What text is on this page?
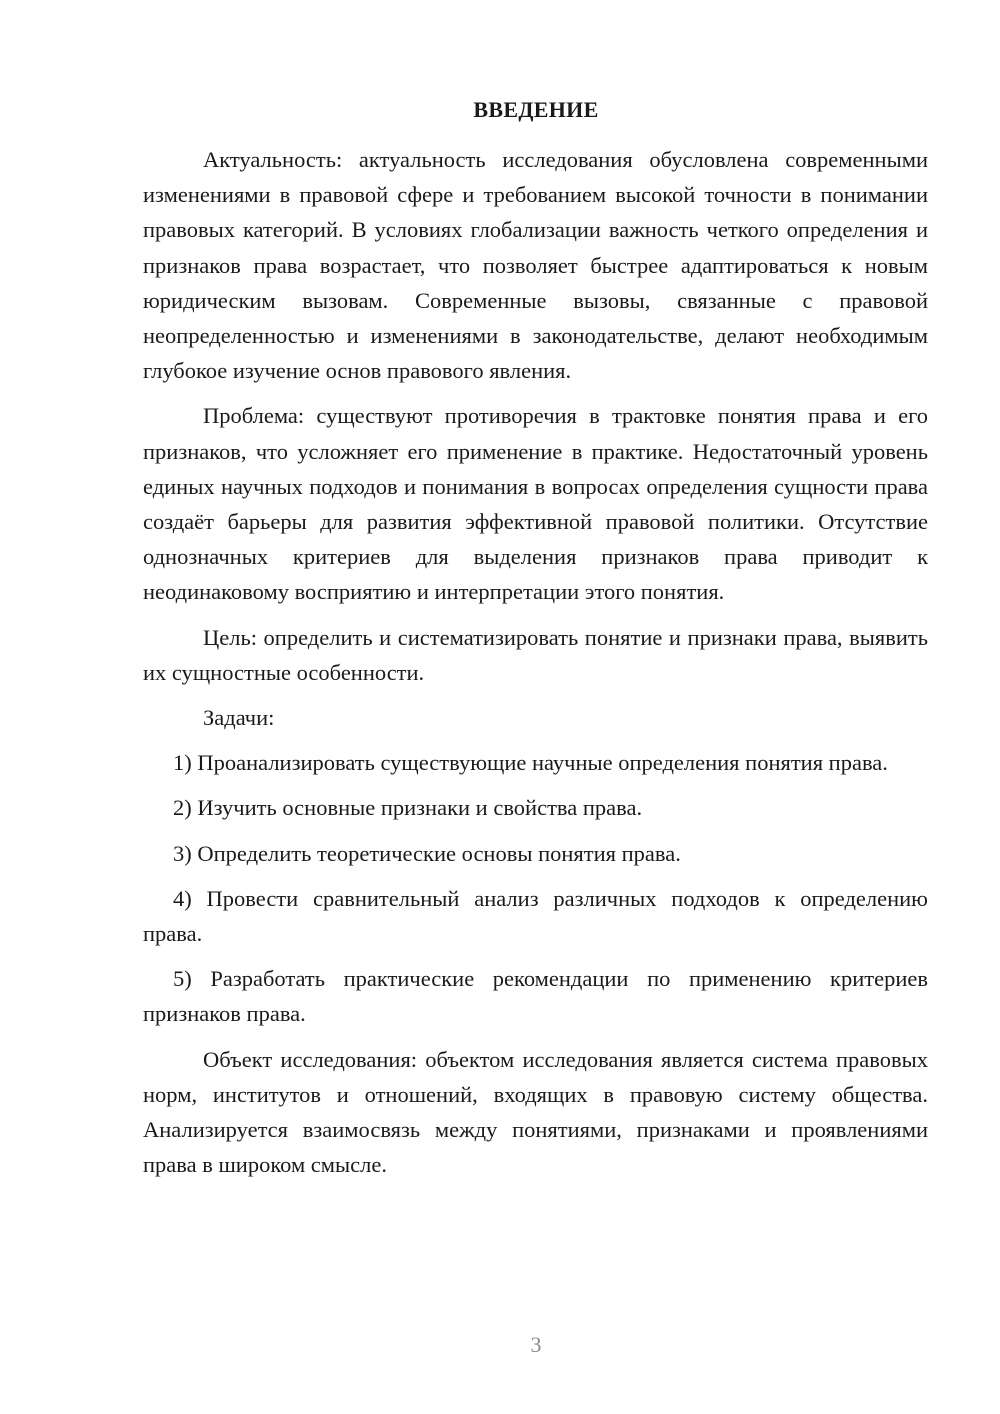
ВВЕДЕНИЕ

Актуальность: актуальность исследования обусловлена современными изменениями в правовой сфере и требованием высокой точности в понимании правовых категорий. В условиях глобализации важность четкого определения и признаков права возрастает, что позволяет быстрее адаптироваться к новым юридическим вызовам. Современные вызовы, связанные с правовой неопределенностью и изменениями в законодательстве, делают необходимым глубокое изучение основ правового явления.

Проблема: существуют противоречия в трактовке понятия права и его признаков, что усложняет его применение в практике. Недостаточный уровень единых научных подходов и понимания в вопросах определения сущности права создаёт барьеры для развития эффективной правовой политики. Отсутствие однозначных критериев для выделения признаков права приводит к неодинаковому восприятию и интерпретации этого понятия.

Цель: определить и систематизировать понятие и признаки права, выявить их сущностные особенности.

Задачи:

1) Проанализировать существующие научные определения понятия права.

2) Изучить основные признаки и свойства права.

3) Определить теоретические основы понятия права.

4) Провести сравнительный анализ различных подходов к определению права.

5) Разработать практические рекомендации по применению критериев признаков права.

Объект исследования: объектом исследования является система правовых норм, институтов и отношений, входящих в правовую систему общества. Анализируется взаимосвязь между понятиями, признаками и проявлениями права в широком смысле.

3
